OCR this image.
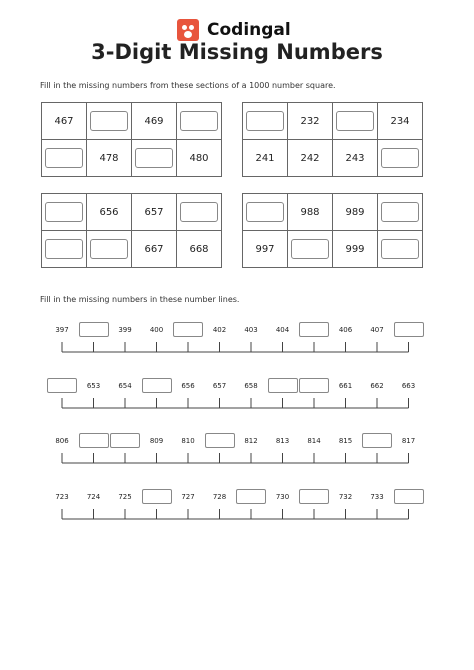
Codingal
3-Digit Missing Numbers
Fill in the missing numbers from these sections of a 1000 number square.
467		469	
	478		480
	232		234
241	242	243	
	656	657	
		667	668
	988	989	
997		999	
Fill in the missing numbers in these number lines.
397	399	400	402	403	404	406	407
653	654	656	657	658	661	662	663
806	809	810	812	813	814	815	817
723	724	725	727	728	730	732	733
